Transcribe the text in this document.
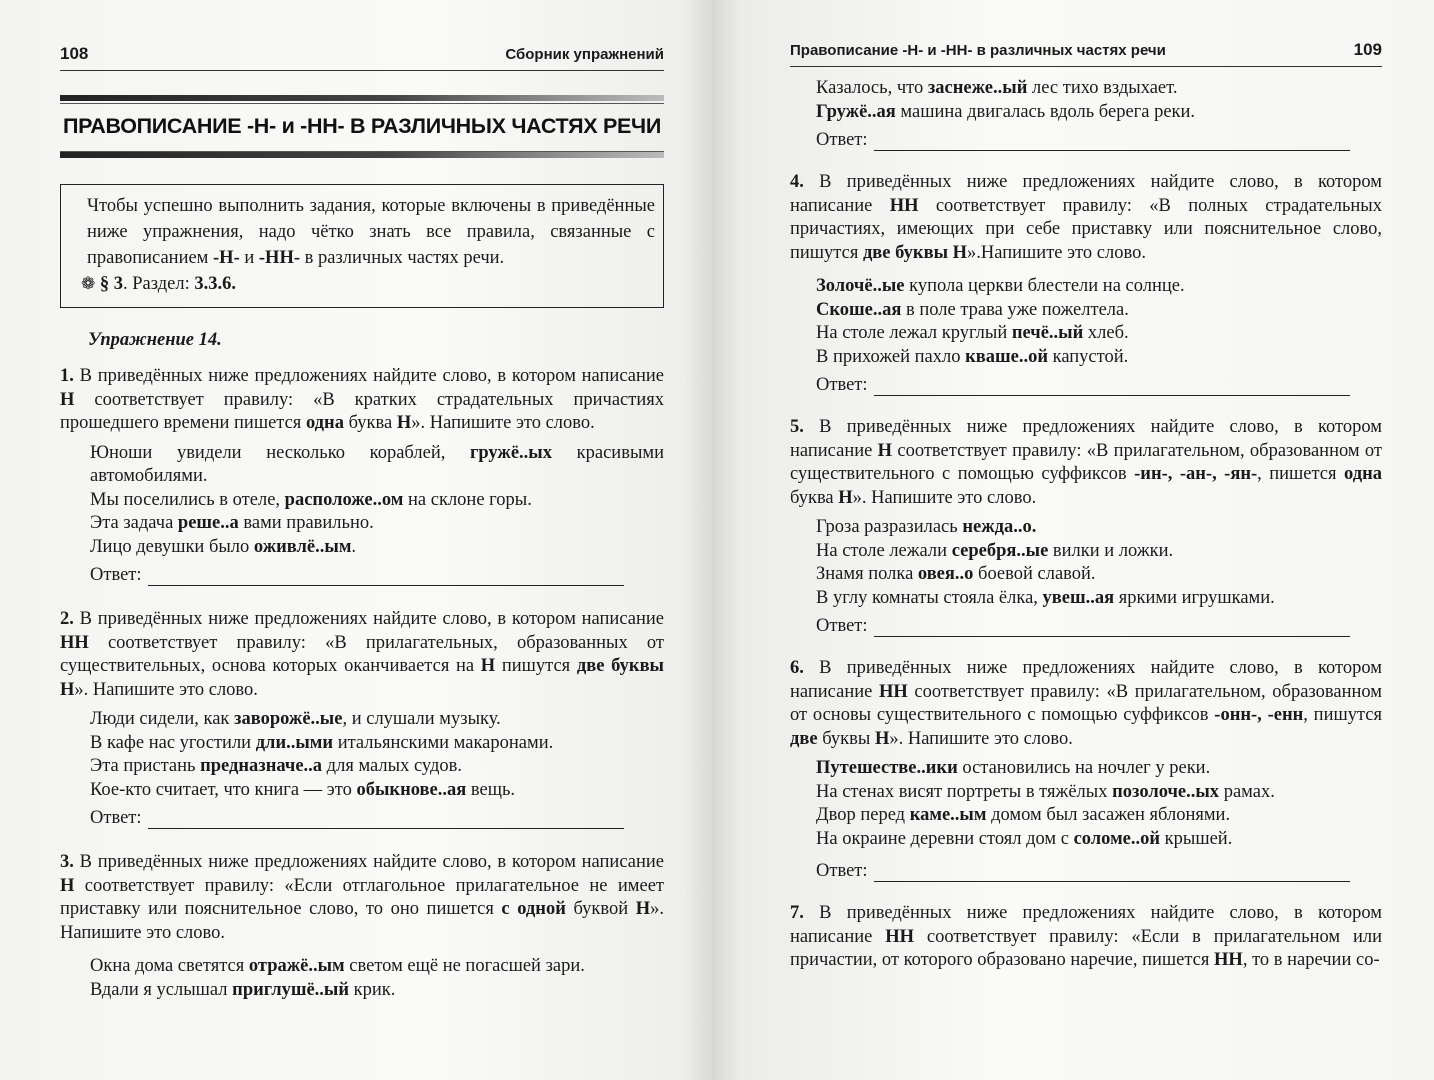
108	Сборник упражнений
ПРАВОПИСАНИЕ -Н- и -НН- В РАЗЛИЧНЫХ ЧАСТЯХ РЕЧИ
Чтобы успешно выполнить задания, которые включены в приведённые ниже упражнения, надо чётко знать все правила, связанные с правописанием -Н- и -НН- в различных частях речи.
❁ § 3. Раздел: 3.3.6.
Упражнение 14.

1. В приведённых ниже предложениях найдите слово, в котором написание Н соответствует правилу: «В кратких страдательных причастиях прошедшего времени пишется одна буква Н». Напишите это слово.

Юноши увидели несколько кораблей, гружё..ых красивыми автомобилями.
Мы поселились в отеле, расположе..ом на склоне горы.
Эта задача реше..а вами правильно.
Лицо девушки было оживлё..ым.
Ответ:

2. В приведённых ниже предложениях найдите слово, в котором написание НН соответствует правилу: «В прилагательных, образованных от существительных, основа которых оканчивается на Н пишутся две буквы Н». Напишите это слово.

Люди сидели, как заворожё..ые, и слушали музыку.
В кафе нас угостили дли..ыми итальянскими макаронами.
Эта пристань предназначе..а для малых судов.
Кое-кто считает, что книга — это обыкнове..ая вещь.
Ответ:

3. В приведённых ниже предложениях найдите слово, в котором написание Н соответствует правилу: «Если отглагольное прилагательное не имеет приставку или пояснительное слово, то оно пишется с одной буквой Н». Напишите это слово.

Окна дома светятся отражё..ым светом ещё не погасшей зари.
Вдали я услышал приглушё..ый крик.
Правописание -Н- и -НН- в различных частях речи	109
Казалось, что заснеже..ый лес тихо вздыхает.
Гружё..ая машина двигалась вдоль берега реки.
Ответ:

4. В приведённых ниже предложениях найдите слово, в котором написание НН соответствует правилу: «В полных страдательных причастиях, имеющих при себе приставку или пояснительное слово, пишутся две буквы Н».Напишите это слово.

Золочё..ые купола церкви блестели на солнце.
Скоше..ая в поле трава уже пожелтела.
На столе лежал круглый печё..ый хлеб.
В прихожей пахло кваше..ой капустой.
Ответ:

5. В приведённых ниже предложениях найдите слово, в котором написание Н соответствует правилу: «В прилагательном, образованном от существительного с помощью суффиксов -ин-, -ан-, -ян-, пишется одна буква Н». Напишите это слово.

Гроза разразилась нежда..о.
На столе лежали серебря..ые вилки и ложки.
Знамя полка овея..о боевой славой.
В углу комнаты стояла ёлка, увеш..ая яркими игрушками.
Ответ:

6. В приведённых ниже предложениях найдите слово, в котором написание НН соответствует правилу: «В прилагательном, образованном от основы существительного с помощью суффиксов -онн-, -енн, пишутся две буквы Н». Напишите это слово.

Путешестве..ики остановились на ночлег у реки.
На стенах висят портреты в тяжёлых позолоче..ых рамах.
Двор перед каме..ым домом был засажен яблонями.
На окраине деревни стоял дом с соломе..ой крышей.
Ответ:

7. В приведённых ниже предложениях найдите слово, в котором написание НН соответствует правилу: «Если в прилагательном или причастии, от которого образовано наречие, пишется НН, то в наречии со-
